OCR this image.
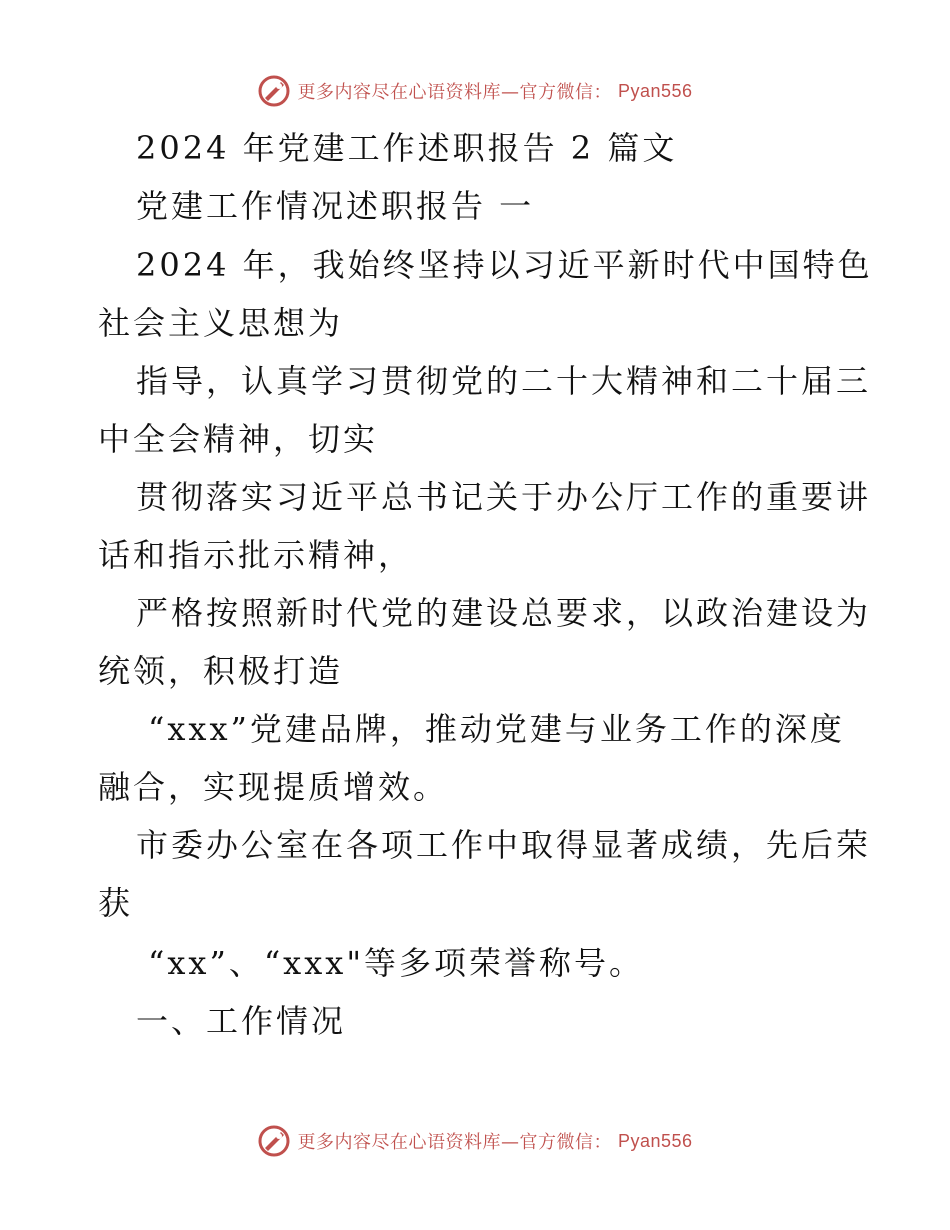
更多内容尽在心语资料库—官方微信： Pyan556
2024 年党建工作述职报告 2 篇文
党建工作情况述职报告 一
2024 年，我始终坚持以习近平新时代中国特色
社会主义思想为
指导，认真学习贯彻党的二十大精神和二十届三
中全会精神，切实
贯彻落实习近平总书记关于办公厅工作的重要讲
话和指示批示精神，
严格按照新时代党的建设总要求，以政治建设为
统领，积极打造
“xxx”党建品牌，推动党建与业务工作的深度
融合，实现提质增效。
市委办公室在各项工作中取得显著成绩，先后荣
获
“xx”、“xxx"等多项荣誉称号。
一、工作情况
更多内容尽在心语资料库—官方微信： Pyan556
